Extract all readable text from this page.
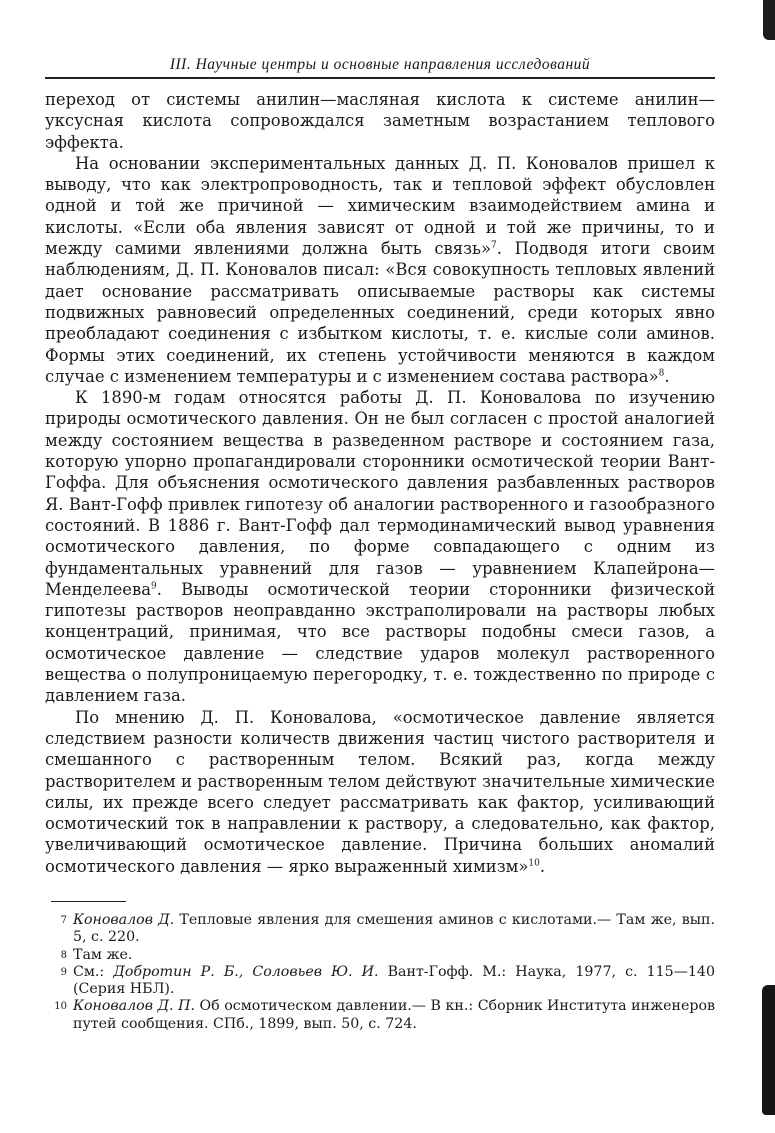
III. Научные центры и основные направления исследований

переход от системы анилин—масляная кислота к системе анилин—уксусная кислота сопровождался заметным возрастанием теплового эффекта.

На основании экспериментальных данных Д. П. Коновалов пришел к выводу, что как электропроводность, так и тепловой эффект обусловлен одной и той же причиной — химическим взаимодействием амина и кислоты. «Если оба явления зависят от одной и той же причины, то и между самими явлениями должна быть связь»$^7$. Подводя итоги своим наблюдениям, Д. П. Коновалов писал: «Вся совокупность тепловых явлений дает основание рассматривать описываемые растворы как системы подвижных равновесий определенных соединений, среди которых явно преобладают соединения с избытком кислоты, т. е. кислые соли аминов. Формы этих соединений, их степень устойчивости меняются в каждом случае с изменением температуры и с изменением состава раствора»$^8$.

К 1890-м годам относятся работы Д. П. Коновалова по изучению природы осмотического давления. Он не был согласен с простой аналогией между состоянием вещества в разведенном растворе и состоянием газа, которую упорно пропагандировали сторонники осмотической теории Вант-Гоффа. Для объяснения осмотического давления разбавленных растворов Я. Вант-Гофф привлек гипотезу об аналогии растворенного и газообразного состояний. В 1886 г. Вант-Гофф дал термодинамический вывод уравнения осмотического давления, по форме совпадающего с одним из фундаментальных уравнений для газов — уравнением Клапейрона—Менделеева$^9$. Выводы осмотической теории сторонники физической гипотезы растворов неоправданно экстраполировали на растворы любых концентраций, принимая, что все растворы подобны смеси газов, а осмотическое давление — следствие ударов молекул растворенного вещества о полупроницаемую перегородку, т. е. тождественно по природе с давлением газа.

По мнению Д. П. Коновалова, «осмотическое давление является следствием разности количеств движения частиц чистого растворителя и смешанного с растворенным телом. Всякий раз, когда между растворителем и растворенным телом действуют значительные химические силы, их прежде всего следует рассматривать как фактор, усиливающий осмотический ток в направлении к раствору, а следовательно, как фактор, увеличивающий осмотическое давление. Причина больших аномалий осмотического давления — ярко выраженный химизм»$^{10}$.

7 Коновалов Д. Тепловые явления для смешения аминов с кислотами.— Там же, вып. 5, с. 220.
8 Там же.
9 См.: Добротин Р. Б., Соловьев Ю. И. Вант-Гофф. М.: Наука, 1977, с. 115—140 (Серия НБЛ).
10 Коновалов Д. П. Об осмотическом давлении.— В кн.: Сборник Института инженеров путей сообщения. СПб., 1899, вып. 50, с. 724.
